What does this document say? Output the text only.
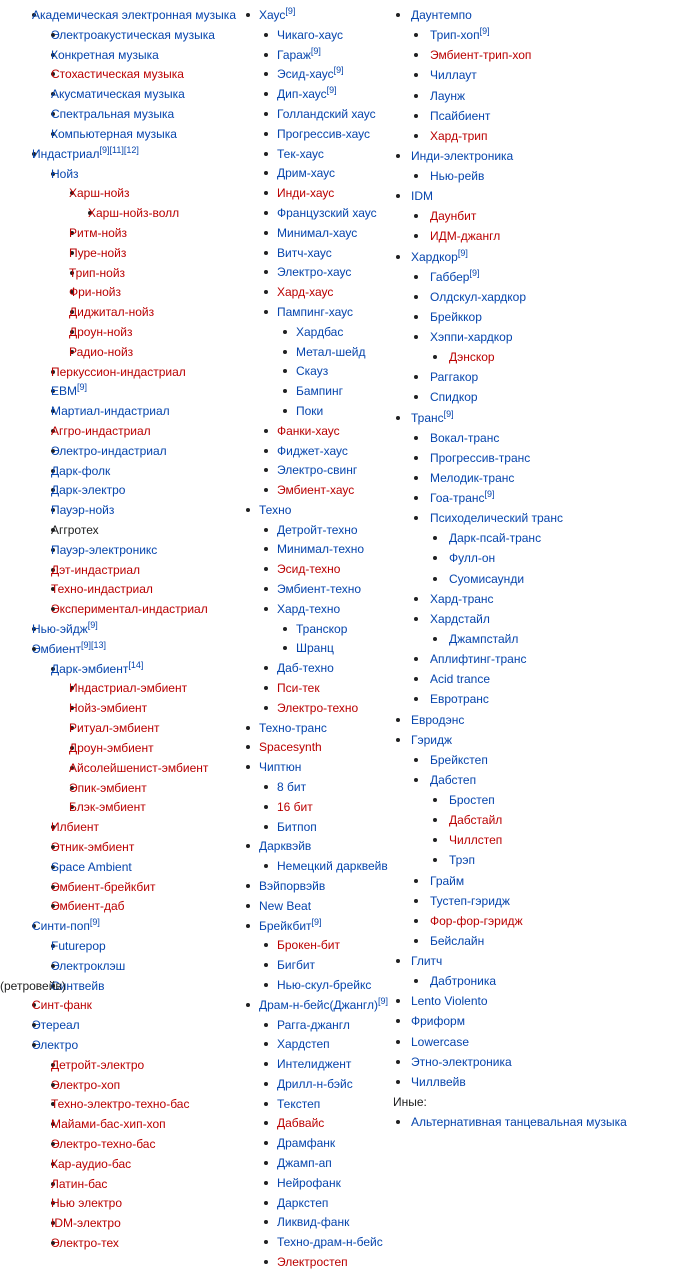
Академическая электронная музыка
Электроакустическая музыка
Конкретная музыка
Стохастическая музыка
Акусматическая музыка
Спектральная музыка
Компьютерная музыка
Индастриал[9][11][12]
Нойз
Харш-нойз
Харш-нойз-волл
Ритм-нойз
Пуре-нойз
Трип-нойз
Фри-нойз
Диджитал-нойз
Дроун-нойз
Радио-нойз
Перкуссион-индастриал
EBM[9]
Мартиал-индастриал
Аггро-индастриал
Электро-индастриал
Дарк-фолк
Дарк-электро
Пауэр-нойз
Аггротех
Пауэр-электроникс
Дэт-индастриал
Техно-индастриал
Экспериментал-индастриал
Нью-эйдж[9]
Эмбиент[9][13]
Дарк-эмбиент[14]
Индастриал-эмбиент
Нойз-эмбиент
Ритуал-эмбиент
Дроун-эмбиент
Айсолейшенист-эмбиент
Эпик-эмбиент
Блэк-эмбиент
Илбиент
Этник-эмбиент
Space Ambient
Эмбиент-брейкбит
Эмбиент-даб
Синти-поп[9]
Futurepop
Электроклэш
Синтвейв
(ретровейв)
Синт-фанк
Этереал
Электро
Детройт-электро
Электро-хоп
Техно-электро-техно-бас
Майами-бас-хип-хоп
Электро-техно-бас
Кар-аудио-бас
Латин-бас
Нью электро
IDM-электро
Электро-тех
Хаус[9]
Чикаго-хаус
Гараж[9]
Эсид-хаус[9]
Дип-хаус[9]
Голландский хаус
Прогрессив-хаус
Тек-хаус
Дрим-хаус
Инди-хаус
Французский хаус
Минимал-хаус
Витч-хаус
Электро-хаус
Хард-хаус
Пампинг-хаус
Хардбас
Метал-шейд
Скауз
Бампинг
Поки
Фанки-хаус
Фиджет-хаус
Электро-свинг
Эмбиент-хаус
Техно
Детройт-техно
Минимал-техно
Эсид-техно
Эмбиент-техно
Хард-техно
Транскор
Шранц
Даб-техно
Пси-тек
Электро-техно
Техно-транс
Spacesynth
Чиптюн
8 бит
16 бит
Битпоп
Дарквэйв
Немецкий дарквейв
Вэйпорвэйв
New Beat
Брейкбит[9]
Брокен-бит
Бигбит
Нью-скул-брейкс
Драм-н-бейс(Джангл)[9]
Рагга-джангл
Хардстеп
Интелиджент
Дрилл-н-бэйс
Текстеп
Дабвайс
Драмфанк
Джамп-ап
Нейрофанк
Даркстеп
Ликвид-фанк
Техно-драм-н-бейс
Электростеп
Даунтемпо
Трип-хоп[9]
Эмбиент-трип-хоп
Чиллаут
Лаунж
Псайбиент
Хард-трип
Инди-электроника
Нью-рейв
IDM
Даунбит
ИДМ-джангл
Хардкор[9]
Габбер[9]
Олдскул-хардкор
Брейккор
Хэппи-хардкор
Дэнскор
Раггакор
Спидкор
Транс[9]
Вокал-транс
Прогрессив-транс
Мелодик-транс
Гоа-транс[9]
Психоделический транс
Дарк-псай-транс
Фулл-он
Суомисаунди
Хард-транс
Хардстайл
Джампстайл
Аплифтинг-транс
Acid trance
Евротранс
Евродэнс
Гэридж
Брейкстеп
Дабстеп
Бростеп
Дабстайл
Чиллстеп
Трэп
Грайм
Тустеп-гэридж
Фор-фор-гэридж
Бейслайн
Глитч
Дабтроника
Lento Violento
Фриформ
Lowercase
Этно-электроника
Чиллвейв
Иные:
Альтернативная танцевальная музыка
